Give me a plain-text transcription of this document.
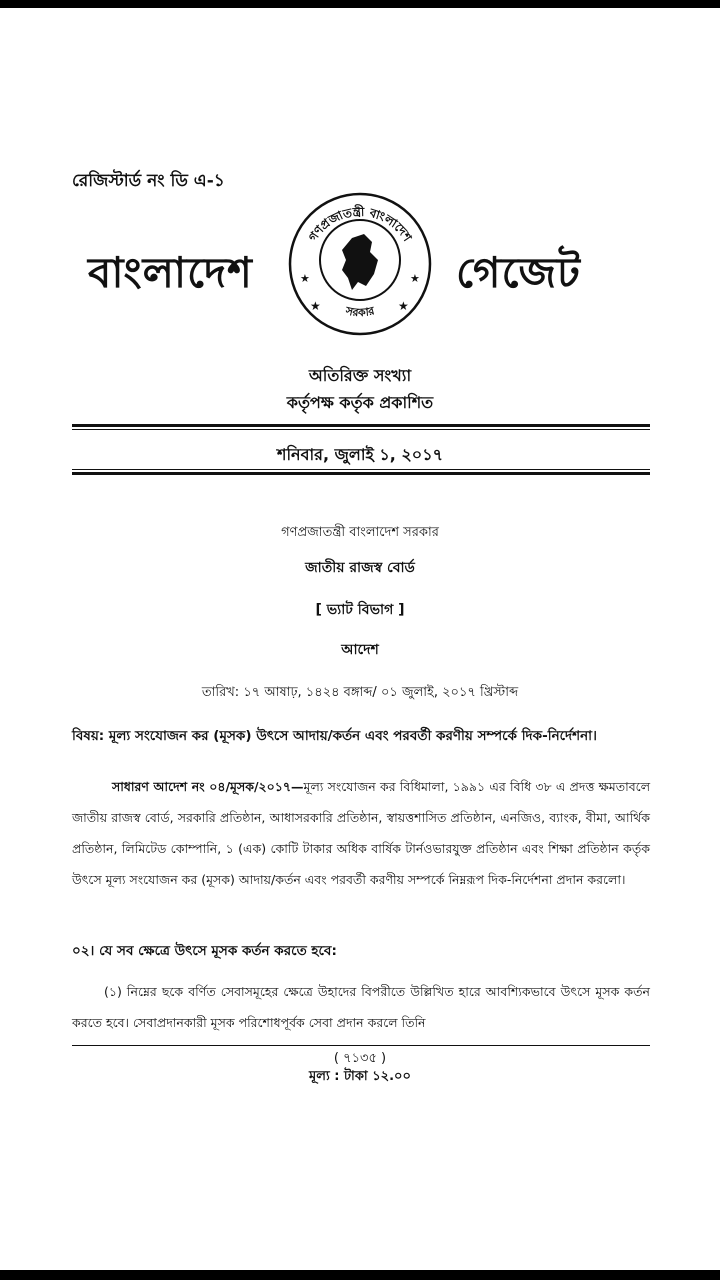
রেজিস্টার্ড নং ডি এ-১
বাংলাদেশ
গণপ্রজাতন্ত্রী বাংলাদেশ
সরকার
★	★
★	★ গেজেট
অতিরিক্ত সংখ্যা
কর্তৃপক্ষ কর্তৃক প্রকাশিত
শনিবার, জুলাই ১, ২০১৭
গণপ্রজাতন্ত্রী বাংলাদেশ সরকার
জাতীয় রাজস্ব বোর্ড
[ ভ্যাট বিভাগ ]
আদেশ
তারিখ: ১৭ আষাঢ়, ১৪২৪ বঙ্গাব্দ/ ০১ জুলাই, ২০১৭ খ্রিস্টাব্দ
বিষয়: মূল্য সংযোজন কর (মূসক) উৎসে আদায়/কর্তন এবং পরবর্তী করণীয় সম্পর্কে দিক-নির্দেশনা।
সাধারণ আদেশ নং ০৪/মূসক/২০১৭—মূল্য সংযোজন কর বিধিমালা, ১৯৯১ এর বিধি ৩৮ এ প্রদত্ত ক্ষমতাবলে জাতীয় রাজস্ব বোর্ড, সরকারি প্রতিষ্ঠান, আধাসরকারি প্রতিষ্ঠান, স্বায়ত্তশাসিত প্রতিষ্ঠান, এনজিও, ব্যাংক, বীমা, আর্থিক প্রতিষ্ঠান, লিমিটেড কোম্পানি, ১ (এক) কোটি টাকার অধিক বার্ষিক টার্নওভারযুক্ত প্রতিষ্ঠান এবং শিক্ষা প্রতিষ্ঠান কর্তৃক উৎসে মূল্য সংযোজন কর (মূসক) আদায়/কর্তন এবং পরবর্তী করণীয় সম্পর্কে নিম্নরূপ দিক-নির্দেশনা প্রদান করলো।
০২। যে সব ক্ষেত্রে উৎসে মূসক কর্তন করতে হবে:
(১) নিম্নের ছকে বর্ণিত সেবাসমূহের ক্ষেত্রে উহাদের বিপরীতে উল্লিখিত হারে আবশ্যিকভাবে উৎসে মূসক কর্তন করতে হবে। সেবাপ্রদানকারী মূসক পরিশোধপূর্বক সেবা প্রদান করলে তিনি
( ৭১৩৫ )
মূল্য : টাকা ১২.০০
